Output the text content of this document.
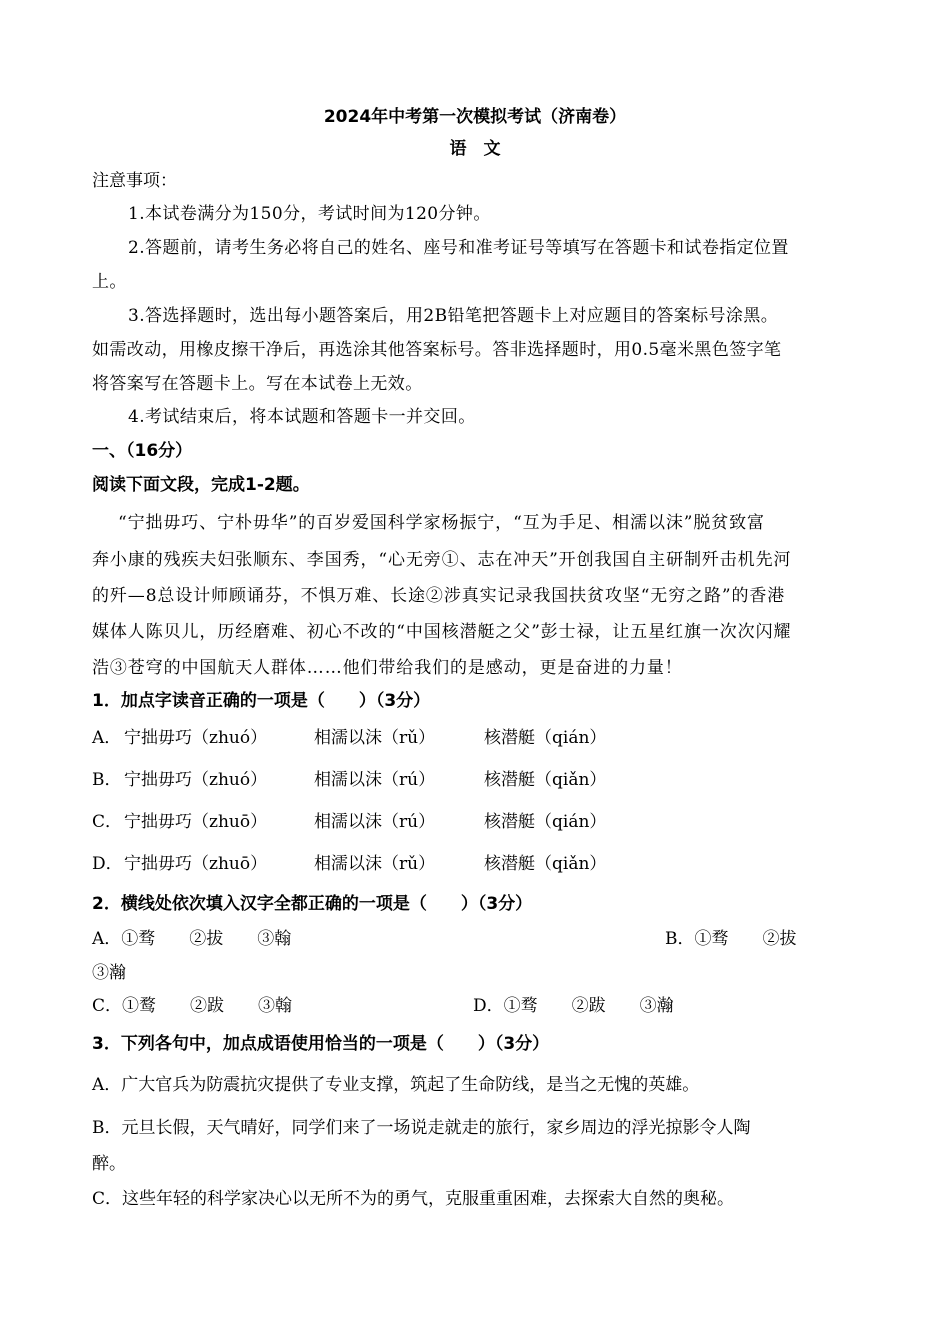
2024年中考第一次模拟考试（济南卷）
语　文
注意事项：
1.本试卷满分为150分，考试时间为120分钟。
2.答题前，请考生务必将自己的姓名、座号和准考证号等填写在答题卡和试卷指定位置
上。
3.答选择题时，选出每小题答案后，用2B铅笔把答题卡上对应题目的答案标号涂黑。
如需改动，用橡皮擦干净后，再选涂其他答案标号。答非选择题时，用0.5毫米黑色签字笔
将答案写在答题卡上。写在本试卷上无效。
4.考试结束后，将本试题和答题卡一并交回。
一、（16分）
阅读下面文段，完成1-2题。
“宁拙毋巧、宁朴毋华”的百岁爱国科学家杨振宁，“互为手足、相濡以沫”脱贫致富
奔小康的残疾夫妇张顺东、李国秀，“心无旁①、志在冲天”开创我国自主研制歼击机先河
的歼—8总设计师顾诵芬，不惧万难、长途②涉真实记录我国扶贫攻坚“无穷之路”的香港
媒体人陈贝儿，历经磨难、初心不改的“中国核潜艇之父”彭士禄，让五星红旗一次次闪耀
浩③苍穹的中国航天人群体……他们带给我们的是感动，更是奋进的力量！
1．加点字读音正确的一项是（　　）（3分）
A． 宁拙毋巧（zhuó）	相濡以沫（rǔ）	核潜艇（qián）
B． 宁拙毋巧（zhuó）	相濡以沫（rú）	核潜艇（qiǎn）
C． 宁拙毋巧（zhuō）	相濡以沫（rú）	核潜艇（qián）
D． 宁拙毋巧（zhuō）	相濡以沫（rǔ）	核潜艇（qiǎn）
2．横线处依次填入汉字全都正确的一项是（　　）（3分）
A．①骛　　②拔　　③翰	B．①骛　　②拔
③瀚
C．①鹜　　②跋　　③翰	D．①骛　　②跋　　③瀚
3．下列各句中，加点成语使用恰当的一项是（　　）（3分）
A．广大官兵为防震抗灾提供了专业支撑，筑起了生命防线，是当之无愧的英雄。
B．元旦长假，天气晴好，同学们来了一场说走就走的旅行，家乡周边的浮光掠影令人陶
醉。
C．这些年轻的科学家决心以无所不为的勇气，克服重重困难，去探索大自然的奥秘。
